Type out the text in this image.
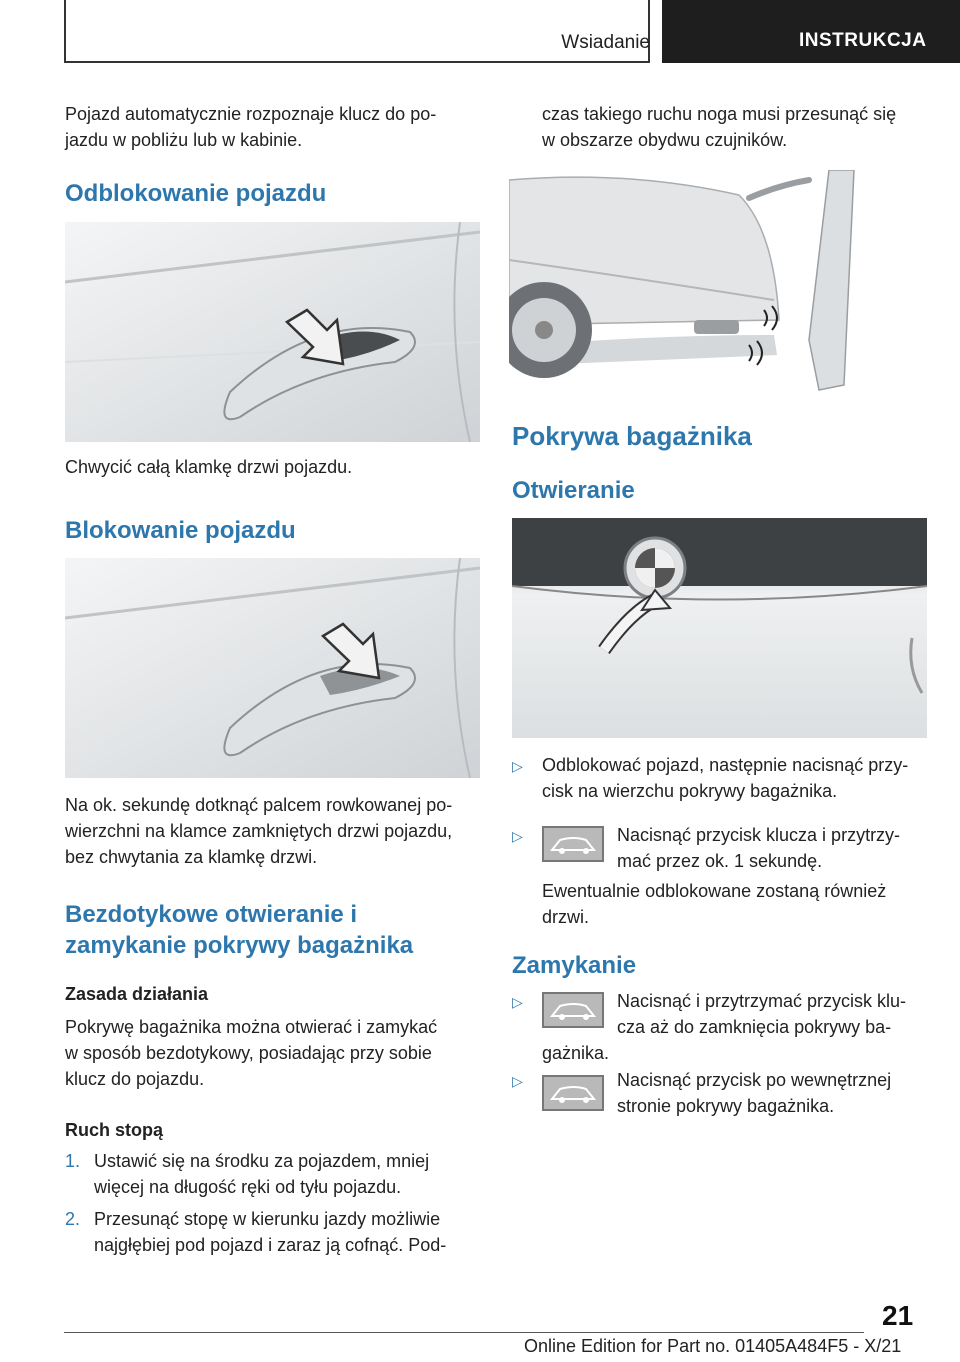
Wsiadanie	INSTRUKCJA
Pojazd automatycznie rozpoznaje klucz do po-
jazdu w pobliżu lub w kabinie.
Odblokowanie pojazdu
Chwycić całą klamkę drzwi pojazdu.
Blokowanie pojazdu
Na ok. sekundę dotknąć palcem rowkowanej po-
wierzchni na klamce zamkniętych drzwi pojazdu,
bez chwytania za klamkę drzwi.
Bezdotykowe otwieranie i
zamykanie pokrywy bagażnika
Zasada działania
Pokrywę bagażnika można otwierać i zamykać
w sposób bezdotykowy, posiadając przy sobie
klucz do pojazdu.
Ruch stopą
1. Ustawić się na środku za pojazdem, mniej
więcej na długość ręki od tyłu pojazdu.
2. Przesunąć stopę w kierunku jazdy możliwie
najgłębiej pod pojazd i zaraz ją cofnąć. Pod-
czas takiego ruchu noga musi przesunąć się
w obszarze obydwu czujników.
Pokrywa bagażnika
Otwieranie
▷ Odblokować pojazd, następnie nacisnąć przy-
cisk na wierzchu pokrywy bagażnika.
▷	Nacisnąć przycisk klucza i przytrzy-
mać przez ok. 1 sekundę.
Ewentualnie odblokowane zostaną również
drzwi.
Zamykanie
▷	Nacisnąć i przytrzymać przycisk klu-
cza aż do zamknięcia pokrywy ba-
gażnika.
▷	Nacisnąć przycisk po wewnętrznej
stronie pokrywy bagażnika.
21
Online Edition for Part no. 01405A484F5 - X/21
